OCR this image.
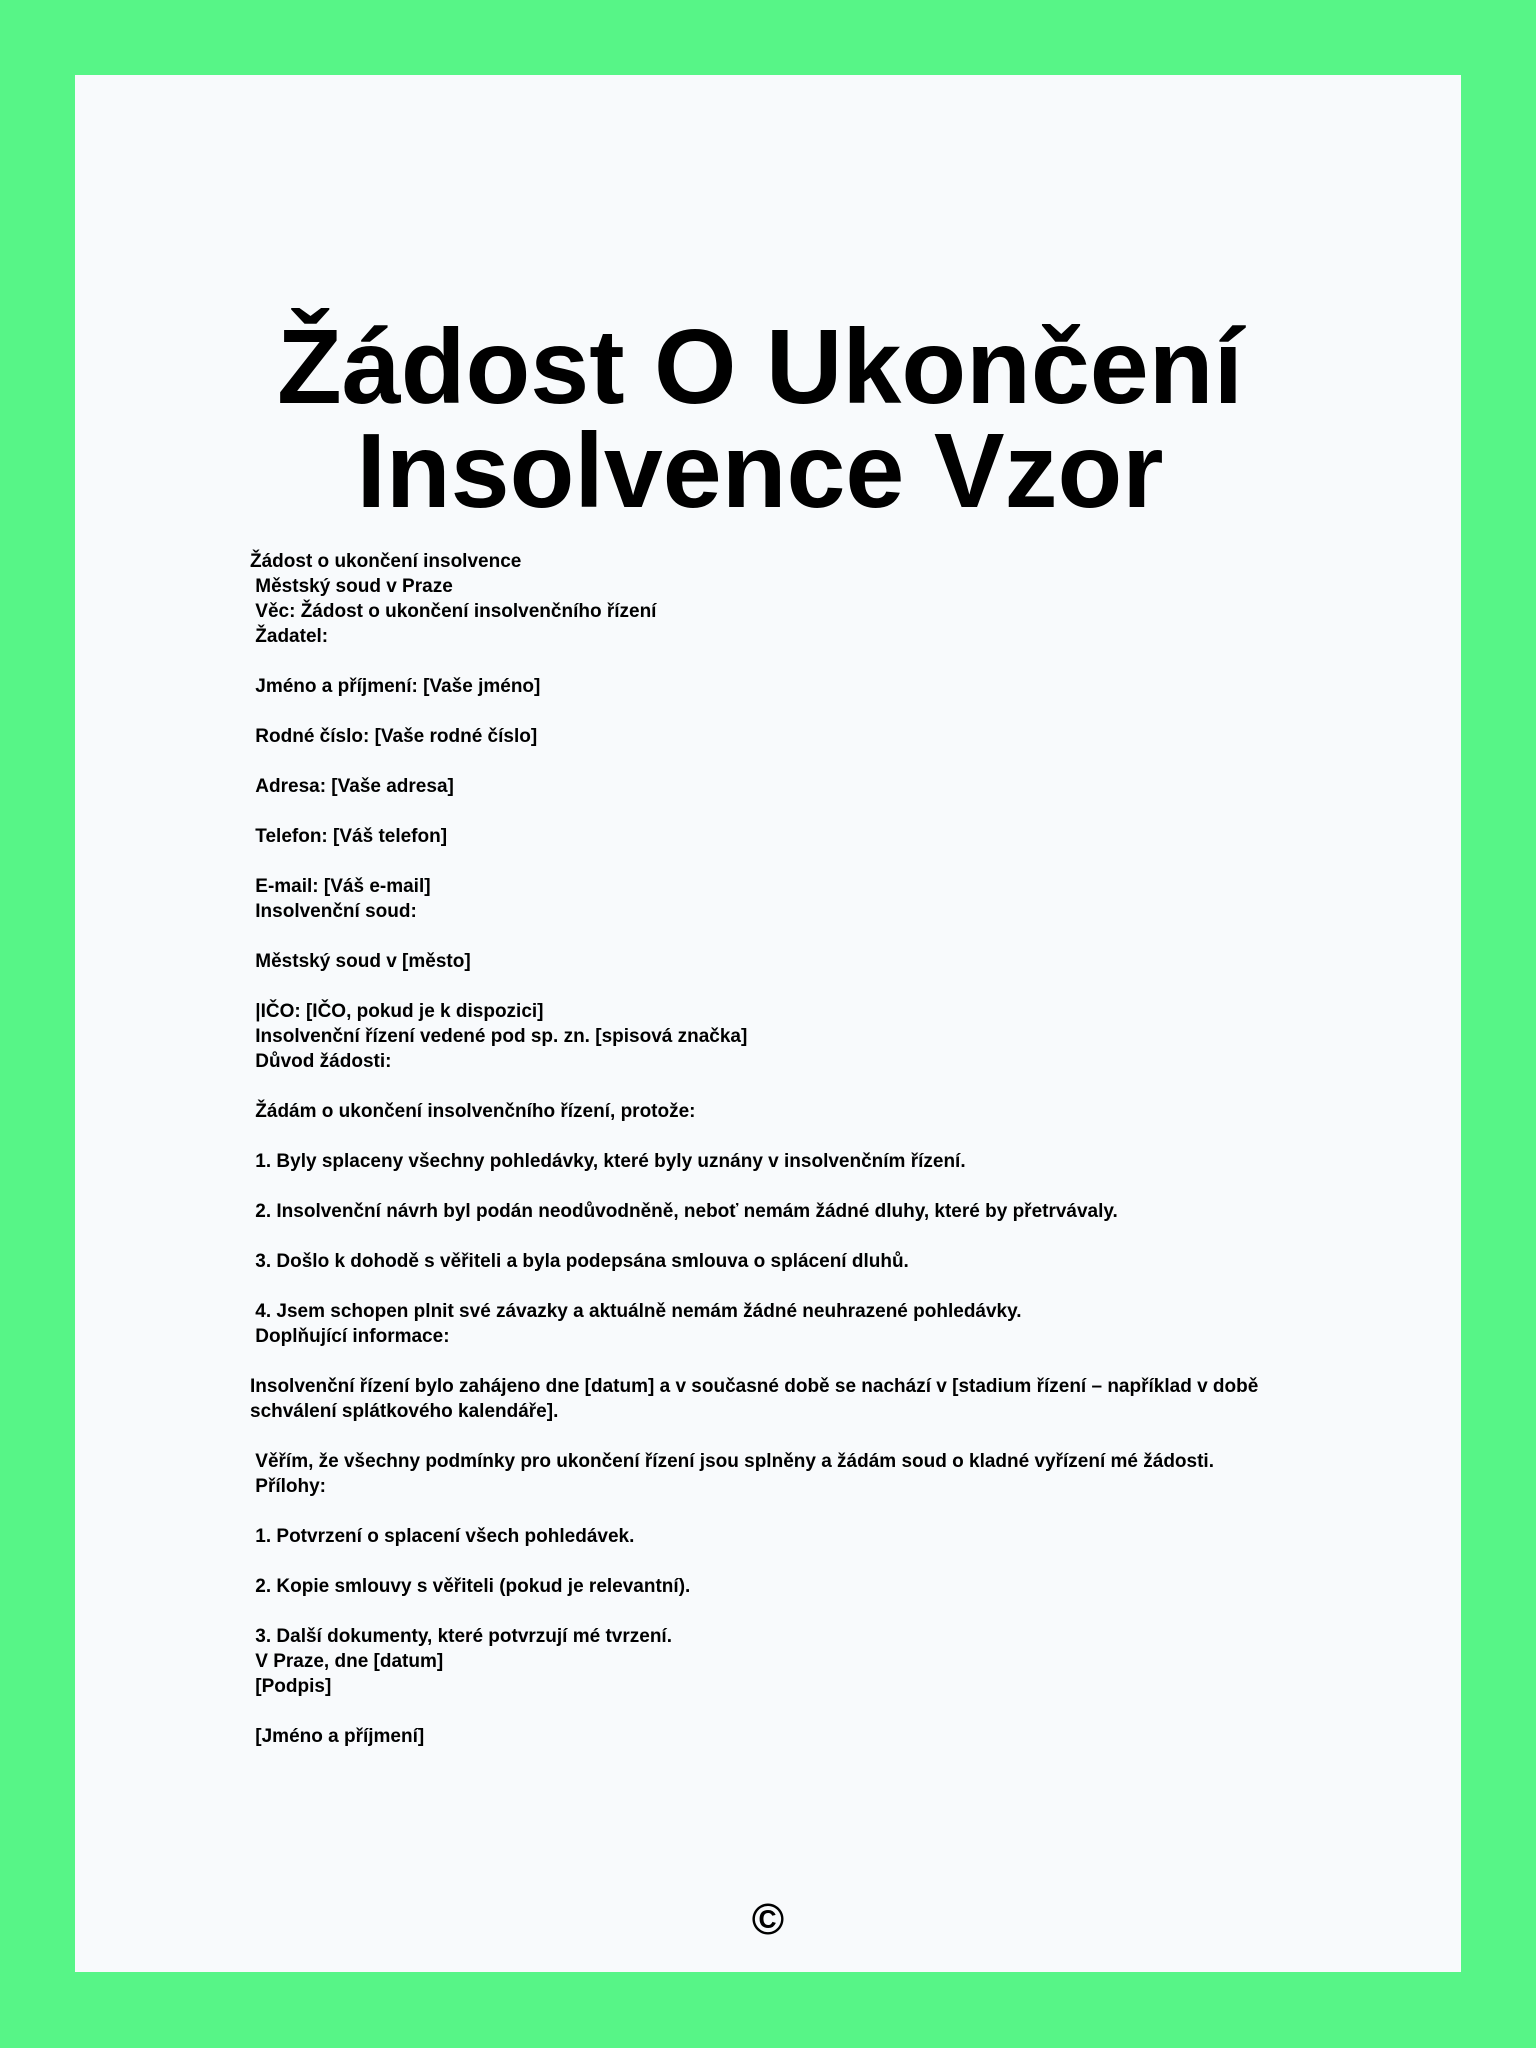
Žádost O Ukončení
Insolvence Vzor
Žádost o ukončení insolvence
Městský soud v Praze
Věc: Žádost o ukončení insolvenčního řízení
Žadatel:
Jméno a příjmení: [Vaše jméno]
Rodné číslo: [Vaše rodné číslo]
Adresa: [Vaše adresa]
Telefon: [Váš telefon]
E-mail: [Váš e-mail]
Insolvenční soud:
Městský soud v [město]
|IČO: [IČO, pokud je k dispozici]
Insolvenční řízení vedené pod sp. zn. [spisová značka]
Důvod žádosti:
Žádám o ukončení insolvenčního řízení, protože:
1. Byly splaceny všechny pohledávky, které byly uznány v insolvenčním řízení.
2. Insolvenční návrh byl podán neodůvodněně, neboť nemám žádné dluhy, které by přetrvávaly.
3. Došlo k dohodě s věřiteli a byla podepsána smlouva o splácení dluhů.
4. Jsem schopen plnit své závazky a aktuálně nemám žádné neuhrazené pohledávky.
Doplňující informace:
Insolvenční řízení bylo zahájeno dne [datum] a v současné době se nachází v [stadium řízení – například v době schválení splátkového kalendáře].
Věřím, že všechny podmínky pro ukončení řízení jsou splněny a žádám soud o kladné vyřízení mé žádosti.
Přílohy:
1. Potvrzení o splacení všech pohledávek.
2. Kopie smlouvy s věřiteli (pokud je relevantní).
3. Další dokumenty, které potvrzují mé tvrzení.
V Praze, dne [datum]
[Podpis]
[Jméno a příjmení]
©
